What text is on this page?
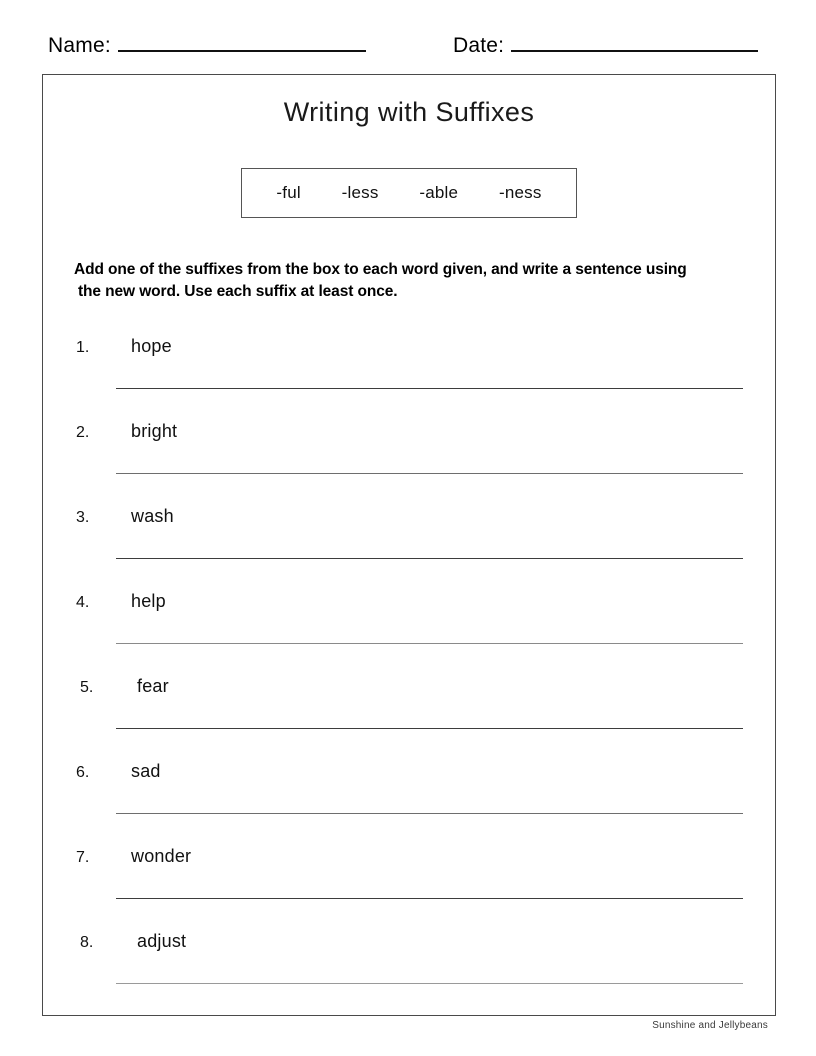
Name:	Date:
Writing with Suffixes
-ful -less -able -ness
Add one of the suffixes from the box to each word given, and write a sentence using
the new word. Use each suffix at least once.
1.	hope
2.	bright
3.	wash
4.	help
5.	fear
6.	sad
7.	wonder
8.	adjust
Sunshine and Jellybeans
